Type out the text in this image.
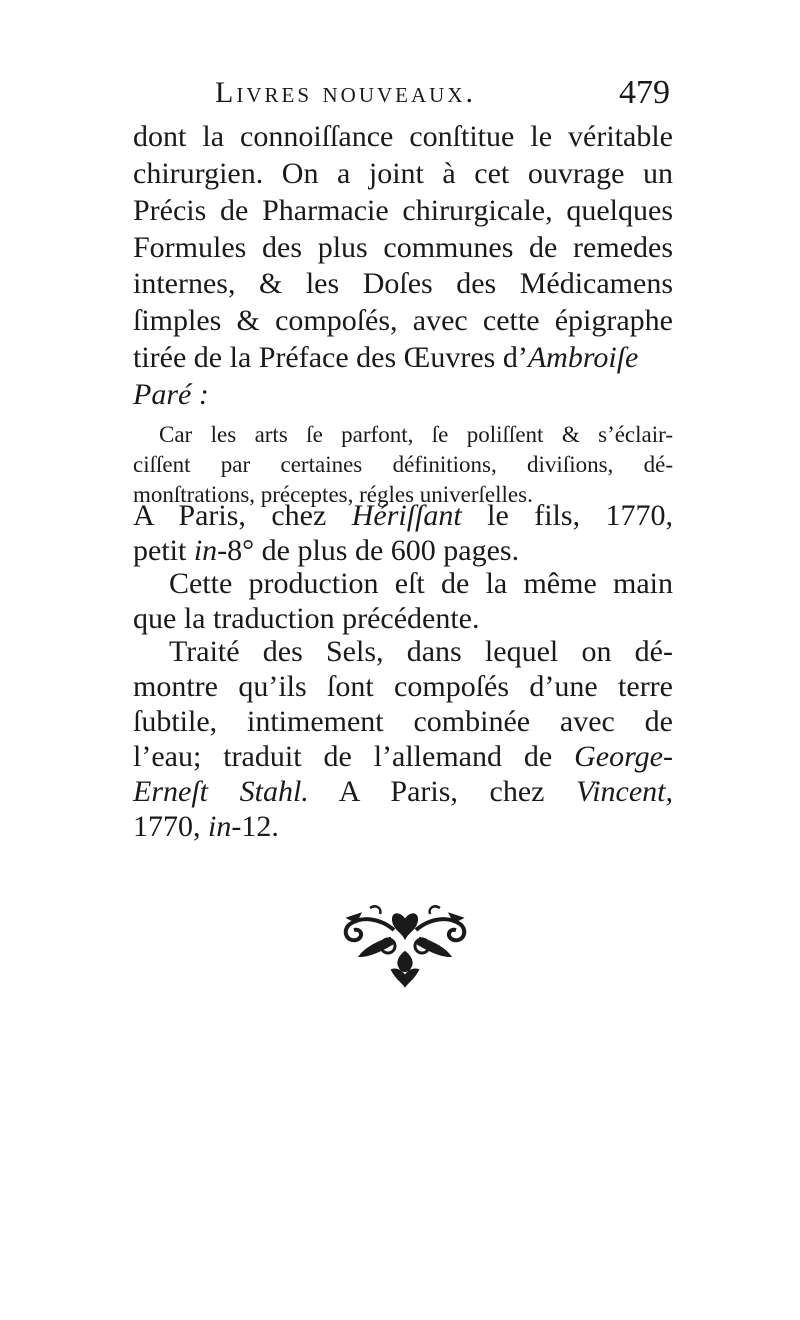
Livres nouveaux.	479
dont la connoiſſance conſtitue le véritable
chirurgien. On a joint à cet ouvrage un
Précis de Pharmacie chirurgicale, quelques
Formules des plus communes de remedes
internes, & les Doſes des Médicamens
ſimples & compoſés, avec cette épigraphe
tirée de la Préface des Œuvres d’Ambroiſe
Paré :
Car les arts ſe parfont, ſe poliſſent & s’éclair-
ciſſent par certaines définitions, diviſions, dé-
monſtrations, préceptes, régles univerſelles.
A Paris, chez Hériſſant le fils, 1770,
petit in-8° de plus de 600 pages.
Cette production eſt de la même main
que la traduction précédente.
Traité des Sels, dans lequel on dé-
montre qu’ils ſont compoſés d’une terre
ſubtile, intimement combinée avec de
l’eau; traduit de l’allemand de George-
Erneſt Stahl. A Paris, chez Vincent,
1770, in-12.
